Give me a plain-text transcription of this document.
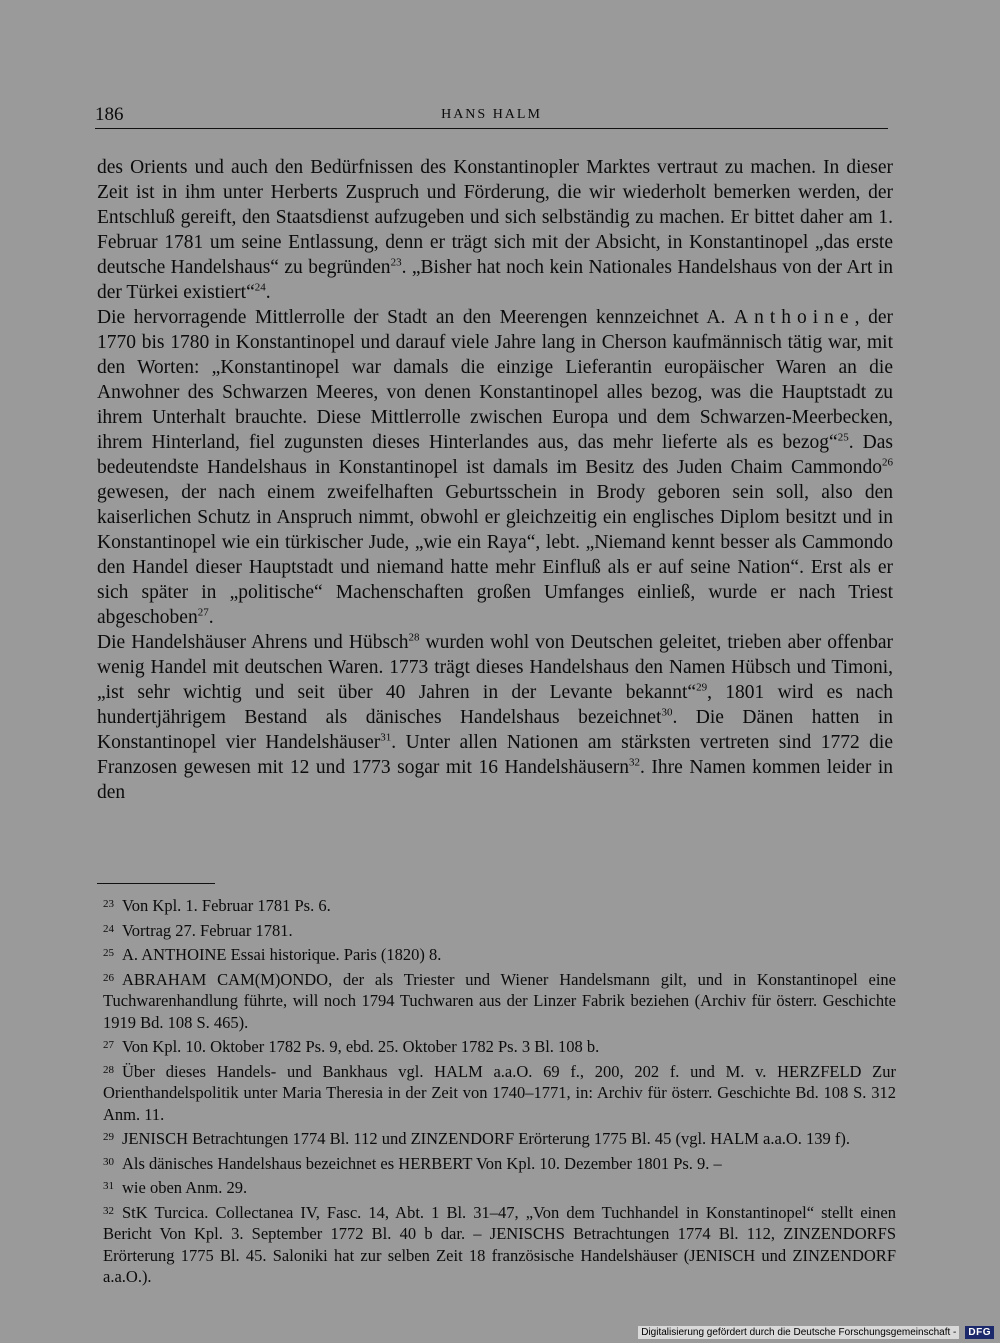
186	HANS HALM

des Orients und auch den Bedürfnissen des Konstantinopler Marktes vertraut zu machen. In dieser Zeit ist in ihm unter Herberts Zuspruch und Förderung, die wir wiederholt bemerken werden, der Entschluß gereift, den Staatsdienst aufzugeben und sich selbständig zu machen. Er bittet daher am 1. Februar 1781 um seine Entlassung, denn er trägt sich mit der Absicht, in Konstantinopel „das erste deutsche Handelshaus“ zu begründen$^{23}$. „Bisher hat noch kein Nationales Handelshaus von der Art in der Türkei existiert“$^{24}$.

Die hervorragende Mittlerrolle der Stadt an den Meerengen kennzeichnet A. Anthoine, der 1770 bis 1780 in Konstantinopel und darauf viele Jahre lang in Cherson kaufmännisch tätig war, mit den Worten: „Konstantinopel war damals die einzige Lieferantin europäischer Waren an die Anwohner des Schwarzen Meeres, von denen Konstantinopel alles bezog, was die Hauptstadt zu ihrem Unterhalt brauchte. Diese Mittlerrolle zwischen Europa und dem Schwarzen-Meerbecken, ihrem Hinterland, fiel zugunsten dieses Hinterlandes aus, das mehr lieferte als es bezog“$^{25}$. Das bedeutendste Handelshaus in Konstantinopel ist damals im Besitz des Juden Chaim Cammondo$^{26}$ gewesen, der nach einem zweifelhaften Geburtsschein in Brody geboren sein soll, also den kaiserlichen Schutz in Anspruch nimmt, obwohl er gleichzeitig ein englisches Diplom besitzt und in Konstantinopel wie ein türkischer Jude, „wie ein Raya“, lebt. „Niemand kennt besser als Cammondo den Handel dieser Hauptstadt und niemand hatte mehr Einfluß als er auf seine Nation“. Erst als er sich später in „politische“ Machenschaften großen Umfanges einließ, wurde er nach Triest abgeschoben$^{27}$.

Die Handelshäuser Ahrens und Hübsch$^{28}$ wurden wohl von Deutschen geleitet, trieben aber offenbar wenig Handel mit deutschen Waren. 1773 trägt dieses Handelshaus den Namen Hübsch und Timoni, „ist sehr wichtig und seit über 40 Jahren in der Levante bekannt“$^{29}$, 1801 wird es nach hundertjährigem Bestand als dänisches Handelshaus bezeichnet$^{30}$. Die Dänen hatten in Konstantinopel vier Handelshäuser$^{31}$. Unter allen Nationen am stärksten vertreten sind 1772 die Franzosen gewesen mit 12 und 1773 sogar mit 16 Handelshäusern$^{32}$. Ihre Namen kommen leider in den

$^{23}$ Von Kpl. 1. Februar 1781 Ps. 6.

$^{24}$ Vortrag 27. Februar 1781.

$^{25}$ A. ANTHOINE Essai historique. Paris (1820) 8.

$^{26}$ ABRAHAM CAM(M)ONDO, der als Triester und Wiener Handelsmann gilt, und in Konstantinopel eine Tuchwarenhandlung führte, will noch 1794 Tuchwaren aus der Linzer Fabrik beziehen (Archiv für österr. Geschichte 1919 Bd. 108 S. 465).

$^{27}$ Von Kpl. 10. Oktober 1782 Ps. 9, ebd. 25. Oktober 1782 Ps. 3 Bl. 108 b.

$^{28}$ Über dieses Handels- und Bankhaus vgl. HALM a.a.O. 69 f., 200, 202 f. und M. v. HERZFELD Zur Orienthandelspolitik unter Maria Theresia in der Zeit von 1740–1771, in: Archiv für österr. Geschichte Bd. 108 S. 312 Anm. 11.

$^{29}$ JENISCH Betrachtungen 1774 Bl. 112 und ZINZENDORF Erörterung 1775 Bl. 45 (vgl. HALM a.a.O. 139 f).

$^{30}$ Als dänisches Handelshaus bezeichnet es HERBERT Von Kpl. 10. Dezember 1801 Ps. 9. –

$^{31}$ wie oben Anm. 29.

$^{32}$ StK Turcica. Collectanea IV, Fasc. 14, Abt. 1 Bl. 31–47, „Von dem Tuchhandel in Konstantinopel“ stellt einen Bericht Von Kpl. 3. September 1772 Bl. 40 b dar. – JENISCHS Betrachtungen 1774 Bl. 112, ZINZENDORFS Erörterung 1775 Bl. 45. Saloniki hat zur selben Zeit 18 französische Handelshäuser (JENISCH und ZINZENDORF a.a.O.).

Digitalisierung gefördert durch die Deutsche Forschungsgemeinschaft -	DFG
